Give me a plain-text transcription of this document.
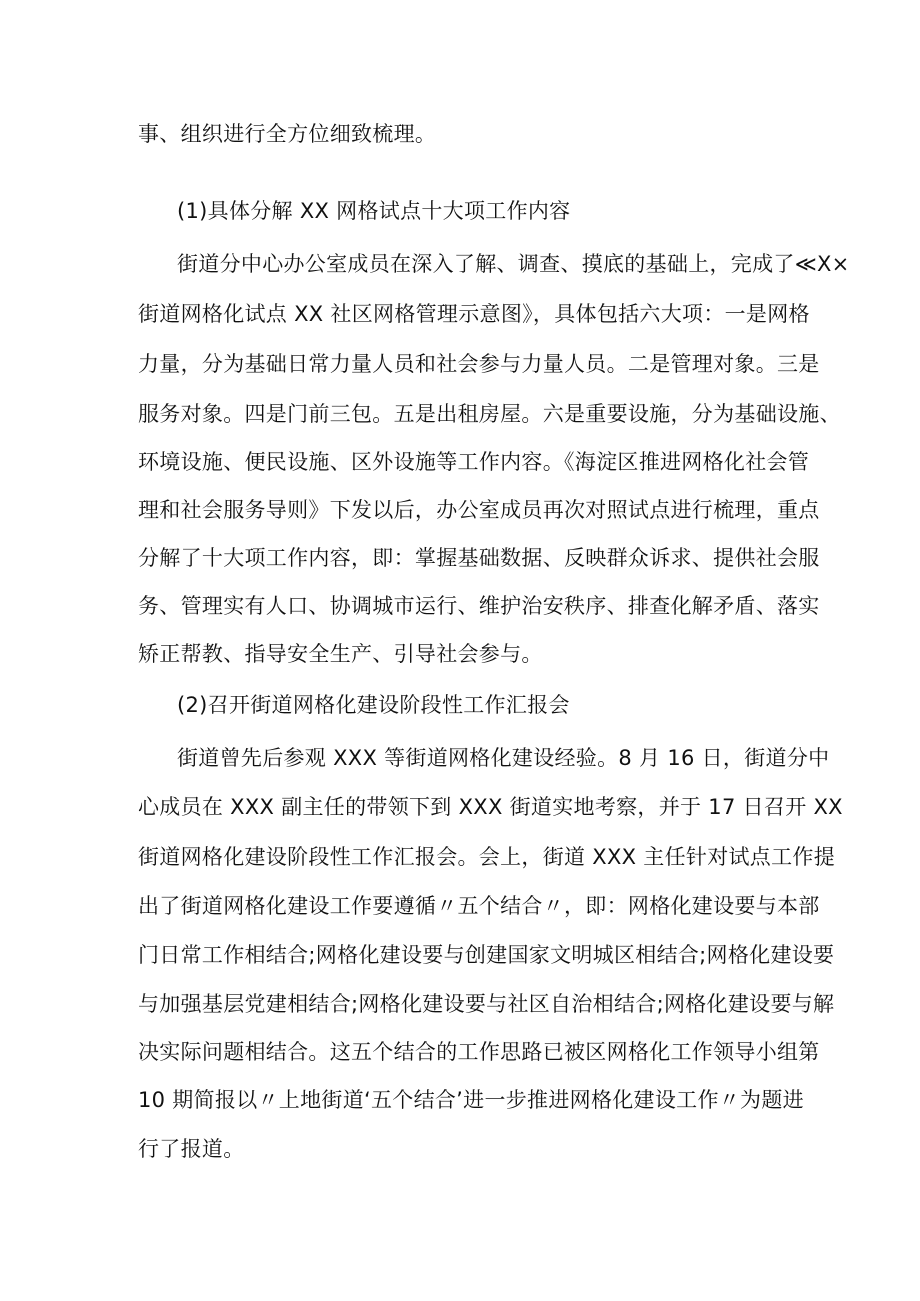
事、组织进行全方位细致梳理。

(1)具体分解 XX 网格试点十大项工作内容

街道分中心办公室成员在深入了解、调查、摸底的基础上，完成了≪X×

街道网格化试点 XX 社区网格管理示意图》，具体包括六大项：一是网格

力量，分为基础日常力量人员和社会参与力量人员。二是管理对象。三是

服务对象。四是门前三包。五是出租房屋。六是重要设施，分为基础设施、

环境设施、便民设施、区外设施等工作内容。《海淀区推进网格化社会管

理和社会服务导则》下发以后，办公室成员再次对照试点进行梳理，重点

分解了十大项工作内容，即：掌握基础数据、反映群众诉求、提供社会服

务、管理实有人口、协调城市运行、维护治安秩序、排查化解矛盾、落实

矫正帮教、指导安全生产、引导社会参与。

(2)召开街道网格化建设阶段性工作汇报会

街道曾先后参观 XXX 等街道网格化建设经验。8 月 16 日，街道分中

心成员在 XXX 副主任的带领下到 XXX 街道实地考察，并于 17 日召开 XX

街道网格化建设阶段性工作汇报会。会上，街道 XXX 主任针对试点工作提

出了街道网格化建设工作要遵循〃五个结合〃，即：网格化建设要与本部

门日常工作相结合;网格化建设要与创建国家文明城区相结合;网格化建设要

与加强基层党建相结合;网格化建设要与社区自治相结合;网格化建设要与解

决实际问题相结合。这五个结合的工作思路已被区网格化工作领导小组第

10 期简报以〃上地街道‘五个结合’进一步推进网格化建设工作〃为题进

行了报道。
